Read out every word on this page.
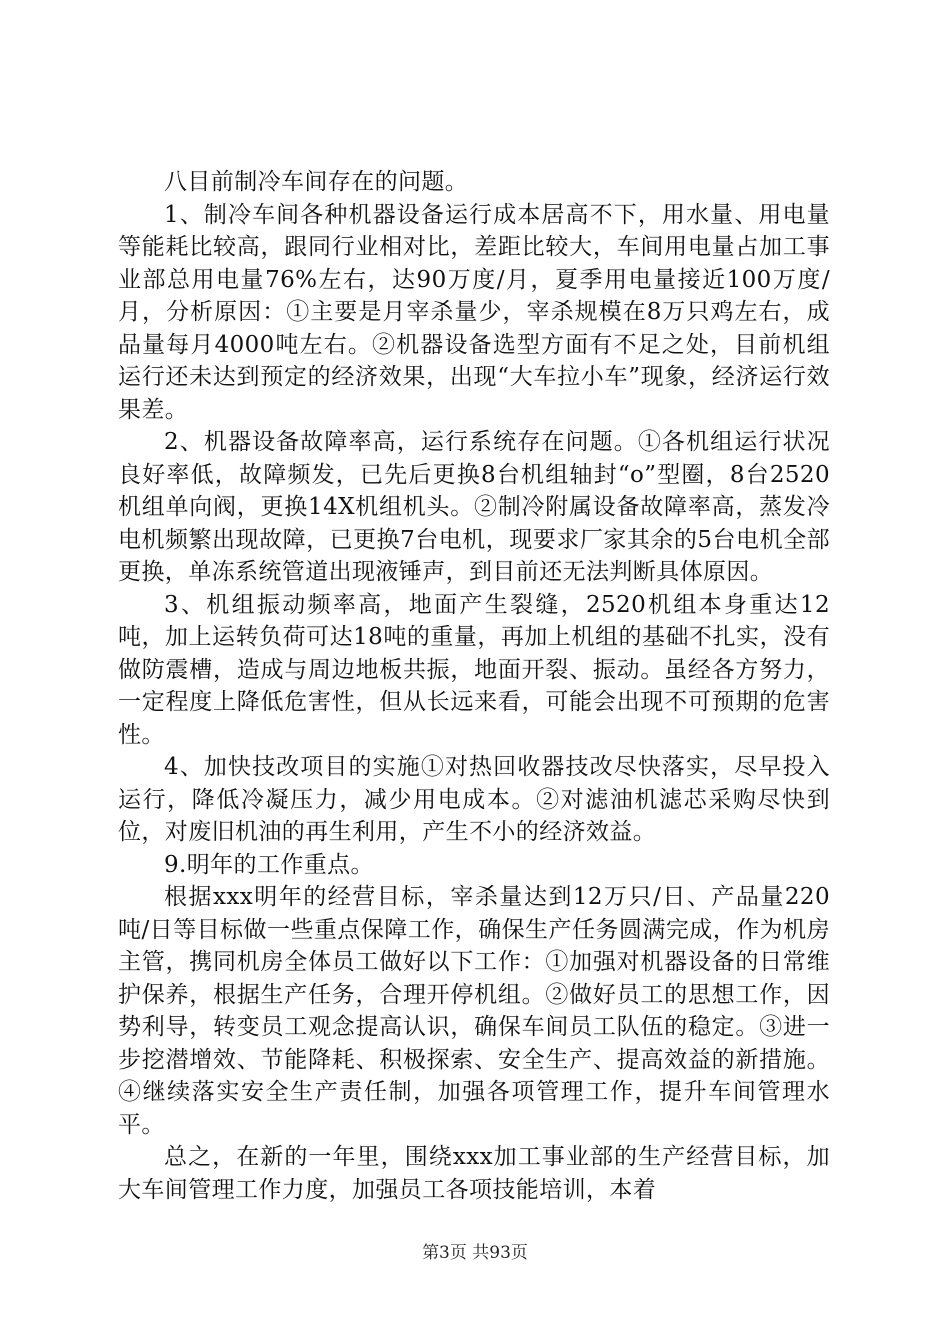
八目前制冷车间存在的问题。

1、制冷车间各种机器设备运行成本居高不下，用水量、用电量等能耗比较高，跟同行业相对比，差距比较大，车间用电量占加工事业部总用电量76%左右，达90万度/月，夏季用电量接近100万度/月，分析原因：①主要是月宰杀量少，宰杀规模在8万只鸡左右，成品量每月4000吨左右。②机器设备选型方面有不足之处，目前机组运行还未达到预定的经济效果，出现“大车拉小车”现象，经济运行效果差。

2、机器设备故障率高，运行系统存在问题。①各机组运行状况良好率低，故障频发，已先后更换8台机组轴封“o”型圈，8台2520机组单向阀，更换14X机组机头。②制冷附属设备故障率高，蒸发冷电机频繁出现故障，已更换7台电机，现要求厂家其余的5台电机全部更换，单冻系统管道出现液锤声，到目前还无法判断具体原因。

3、机组振动频率高，地面产生裂缝，2520机组本身重达12吨，加上运转负荷可达18吨的重量，再加上机组的基础不扎实，没有做防震槽，造成与周边地板共振，地面开裂、振动。虽经各方努力，一定程度上降低危害性，但从长远来看，可能会出现不可预期的危害性。

4、加快技改项目的实施①对热回收器技改尽快落实，尽早投入运行，降低冷凝压力，减少用电成本。②对滤油机滤芯采购尽快到位，对废旧机油的再生利用，产生不小的经济效益。

9.明年的工作重点。

根据xxx明年的经营目标，宰杀量达到12万只/日、产品量220吨/日等目标做一些重点保障工作，确保生产任务圆满完成，作为机房主管，携同机房全体员工做好以下工作：①加强对机器设备的日常维护保养，根据生产任务，合理开停机组。②做好员工的思想工作，因势利导，转变员工观念提高认识，确保车间员工队伍的稳定。③进一步挖潜增效、节能降耗、积极探索、安全生产、提高效益的新措施。④继续落实安全生产责任制，加强各项管理工作，提升车间管理水平。

总之，在新的一年里，围绕xxx加工事业部的生产经营目标，加大车间管理工作力度，加强员工各项技能培训，本着

第3页 共93页
